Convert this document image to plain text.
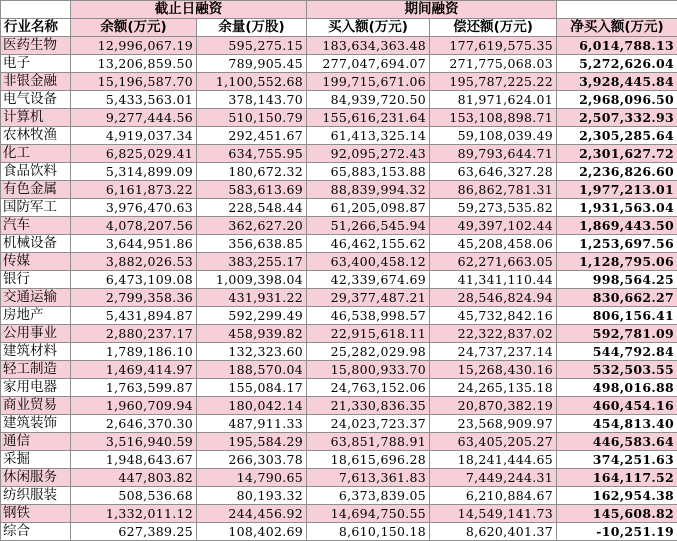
	截止日融资		期间融资		
行业名称	余额(万元)	余量(万股)	买入额(万元)	偿还额(万元)	净买入额(万元)
医药生物	12,996,067.19	595,275.15	183,634,363.48	177,619,575.35	6,014,788.13
电子	13,206,859.50	789,905.45	277,047,694.07	271,775,068.03	5,272,626.04
非银金融	15,196,587.70	1,100,552.68	199,715,671.06	195,787,225.22	3,928,445.84
电气设备	5,433,563.01	378,143.70	84,939,720.50	81,971,624.01	2,968,096.50
计算机	9,277,444.56	510,150.79	155,616,231.64	153,108,898.71	2,507,332.93
农林牧渔	4,919,037.34	292,451.67	61,413,325.14	59,108,039.49	2,305,285.64
化工	6,825,029.41	634,755.95	92,095,272.43	89,793,644.71	2,301,627.72
食品饮料	5,314,899.09	180,672.32	65,883,153.88	63,646,327.28	2,236,826.60
有色金属	6,161,873.22	583,613.69	88,839,994.32	86,862,781.31	1,977,213.01
国防军工	3,976,470.63	228,548.44	61,205,098.87	59,273,535.82	1,931,563.04
汽车	4,078,207.56	362,627.20	51,266,545.94	49,397,102.44	1,869,443.50
机械设备	3,644,951.86	356,638.85	46,462,155.62	45,208,458.06	1,253,697.56
传媒	3,882,026.53	383,255.17	63,400,458.12	62,271,663.05	1,128,795.06
银行	6,473,109.08	1,009,398.04	42,339,674.69	41,341,110.44	998,564.25
交通运输	2,799,358.36	431,931.22	29,377,487.21	28,546,824.94	830,662.27
房地产	5,431,894.87	592,299.49	46,538,998.57	45,732,842.16	806,156.41
公用事业	2,880,237.17	458,939.82	22,915,618.11	22,322,837.02	592,781.09
建筑材料	1,789,186.10	132,323.60	25,282,029.98	24,737,237.14	544,792.84
轻工制造	1,469,414.97	188,570.04	15,800,933.70	15,268,430.16	532,503.55
家用电器	1,763,599.87	155,084.17	24,763,152.06	24,265,135.18	498,016.88
商业贸易	1,960,709.94	180,042.14	21,330,836.35	20,870,382.19	460,454.16
建筑装饰	2,646,370.30	487,911.33	24,023,723.37	23,568,909.97	454,813.40
通信	3,516,940.59	195,584.29	63,851,788.91	63,405,205.27	446,583.64
采掘	1,948,643.67	266,303.78	18,615,696.28	18,241,444.65	374,251.63
休闲服务	447,803.82	14,790.65	7,613,361.83	7,449,244.31	164,117.52
纺织服装	508,536.68	80,193.32	6,373,839.05	6,210,884.67	162,954.38
钢铁	1,332,011.12	244,456.92	14,694,750.55	14,549,141.73	145,608.82
综合	627,389.25	108,402.69	8,610,150.18	8,620,401.37	-10,251.19
